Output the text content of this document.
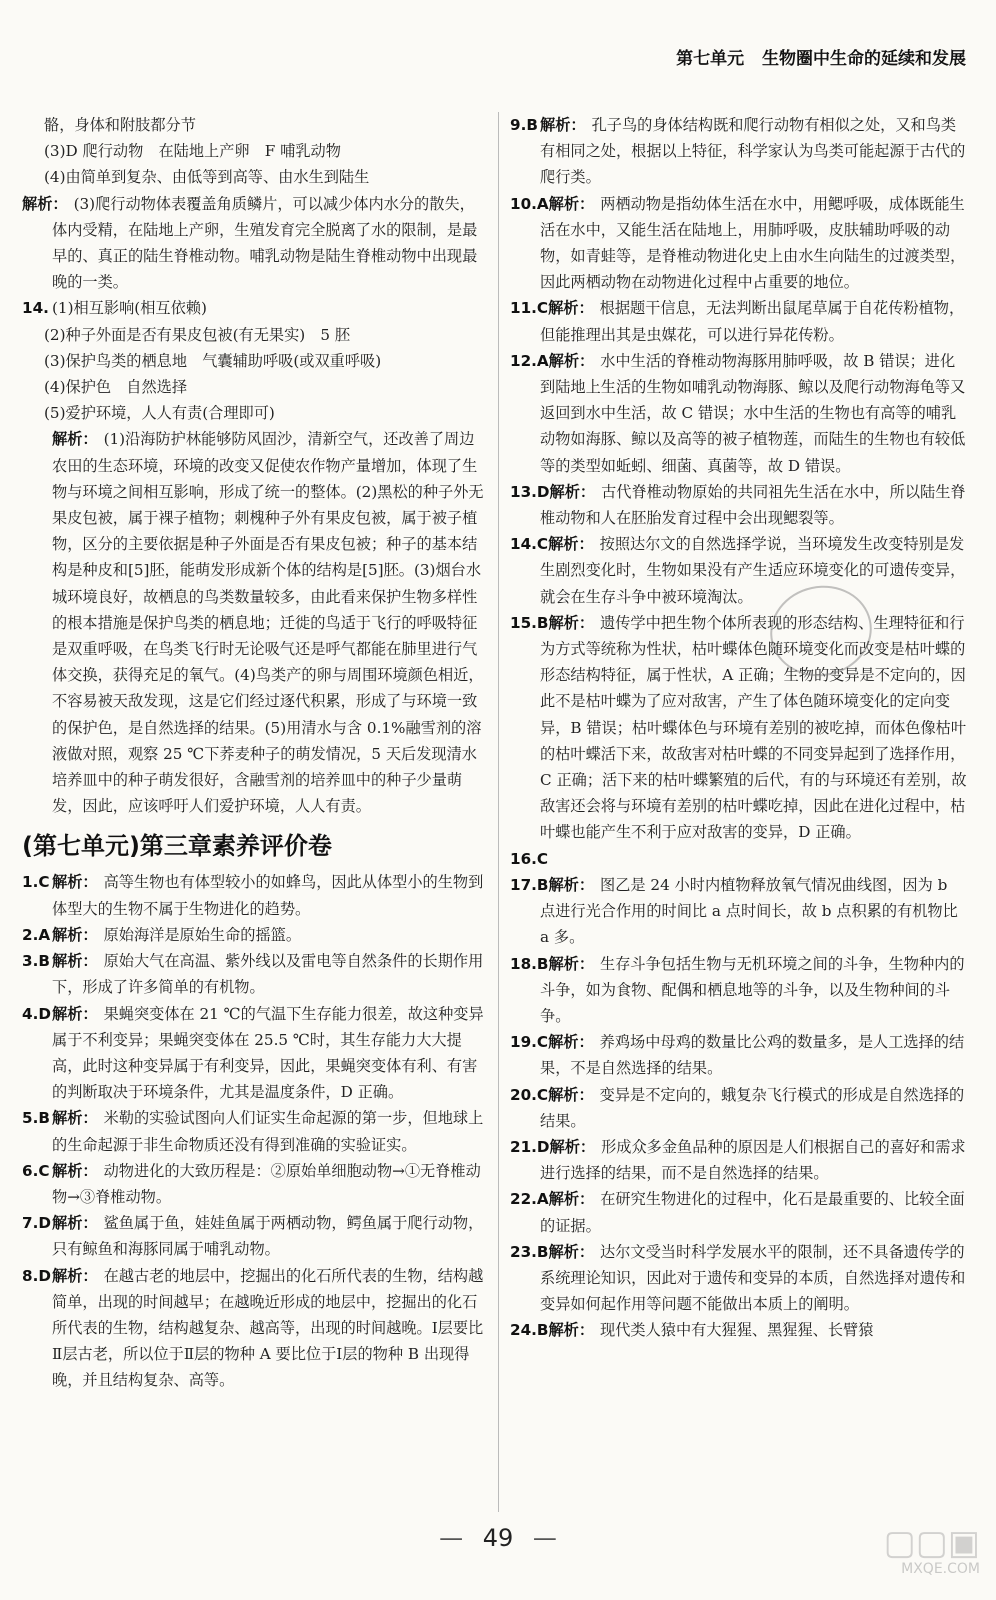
第七单元 生物圈中生命的延续和发展
骼，身体和附肢都分节
(3)D 爬行动物　在陆地上产卵　F 哺乳动物
(4)由简单到复杂、由低等到高等、由水生到陆生
解析： (3)爬行动物体表覆盖角质鳞片，可以减少体内水分的散失，体内受精，在陆地上产卵，生殖发育完全脱离了水的限制，是最早的、真正的陆生脊椎动物。哺乳动物是陆生脊椎动物中出现最晚的一类。
14. (1)相互影响(相互依赖)
(2)种子外面是否有果皮包被(有无果实)　5 胚
(3)保护鸟类的栖息地　气囊辅助呼吸(或双重呼吸)
(4)保护色　自然选择
(5)爱护环境，人人有责(合理即可)
解析： (1)沿海防护林能够防风固沙，清新空气，还改善了周边农田的生态环境，环境的改变又促使农作物产量增加，体现了生物与环境之间相互影响，形成了统一的整体。(2)黑松的种子外无果皮包被，属于裸子植物；刺槐种子外有果皮包被，属于被子植物，区分的主要依据是种子外面是否有果皮包被；种子的基本结构是种皮和[5]胚，能萌发形成新个体的结构是[5]胚。(3)烟台水城环境良好，故栖息的鸟类数量较多，由此看来保护生物多样性的根本措施是保护鸟类的栖息地；迁徙的鸟适于飞行的呼吸特征是双重呼吸，在鸟类飞行时无论吸气还是呼气都能在肺里进行气体交换，获得充足的氧气。(4)鸟类产的卵与周围环境颜色相近，不容易被天敌发现，这是它们经过逐代积累，形成了与环境一致的保护色，是自然选择的结果。(5)用清水与含 0.1%融雪剂的溶液做对照，观察 25 ℃下荞麦种子的萌发情况，5 天后发现清水培养皿中的种子萌发很好，含融雪剂的培养皿中的种子少量萌发，因此，应该呼吁人们爱护环境，人人有责。
(第七单元)第三章素养评价卷
1.C 解析： 高等生物也有体型较小的如蜂鸟，因此从体型小的生物到体型大的生物不属于生物进化的趋势。
2.A 解析： 原始海洋是原始生命的摇篮。
3.B 解析： 原始大气在高温、紫外线以及雷电等自然条件的长期作用下，形成了许多简单的有机物。
4.D解析： 果蝇突变体在 21 ℃的气温下生存能力很差，故这种变异属于不利变异；果蝇突变体在 25.5 ℃时，其生存能力大大提高，此时这种变异属于有利变异，因此，果蝇突变体有利、有害的判断取决于环境条件，尤其是温度条件，D 正确。
5.B 解析： 米勒的实验试图向人们证实生命起源的第一步，但地球上的生命起源于非生命物质还没有得到准确的实验证实。
6.C 解析： 动物进化的大致历程是：②原始单细胞动物→①无脊椎动物→③脊椎动物。
7.D解析： 鲨鱼属于鱼，娃娃鱼属于两栖动物，鳄鱼属于爬行动物，只有鲸鱼和海豚同属于哺乳动物。
8.D解析： 在越古老的地层中，挖掘出的化石所代表的生物，结构越简单，出现的时间越早；在越晚近形成的地层中，挖掘出的化石所代表的生物，结构越复杂、越高等，出现的时间越晚。Ⅰ层要比Ⅱ层古老，所以位于Ⅱ层的物种 A 要比位于Ⅰ层的物种 B 出现得晚，并且结构复杂、高等。
9.B 解析： 孔子鸟的身体结构既和爬行动物有相似之处，又和鸟类有相同之处，根据以上特征，科学家认为鸟类可能起源于古代的爬行类。
10.A解析： 两栖动物是指幼体生活在水中，用鳃呼吸，成体既能生活在水中，又能生活在陆地上，用肺呼吸，皮肤辅助呼吸的动物，如青蛙等，是脊椎动物进化史上由水生向陆生的过渡类型，因此两栖动物在动物进化过程中占重要的地位。
11.C解析： 根据题干信息，无法判断出鼠尾草属于自花传粉植物，但能推理出其是虫媒花，可以进行异花传粉。
12.A解析： 水中生活的脊椎动物海豚用肺呼吸，故 B 错误；进化到陆地上生活的生物如哺乳动物海豚、鲸以及爬行动物海龟等又返回到水中生活，故 C 错误；水中生活的生物也有高等的哺乳动物如海豚、鲸以及高等的被子植物莲，而陆生的生物也有较低等的类型如蚯蚓、细菌、真菌等，故 D 错误。
13.D解析： 古代脊椎动物原始的共同祖先生活在水中，所以陆生脊椎动物和人在胚胎发育过程中会出现鳃裂等。
14.C解析： 按照达尔文的自然选择学说，当环境发生改变特别是发生剧烈变化时，生物如果没有产生适应环境变化的可遗传变异，就会在生存斗争中被环境淘汰。
15.B解析： 遗传学中把生物个体所表现的形态结构、生理特征和行为方式等统称为性状，枯叶蝶体色随环境变化而改变是枯叶蝶的形态结构特征，属于性状，A 正确；生物的变异是不定向的，因此不是枯叶蝶为了应对敌害，产生了体色随环境变化的定向变异，B 错误；枯叶蝶体色与环境有差别的被吃掉，而体色像枯叶的枯叶蝶活下来，故敌害对枯叶蝶的不同变异起到了选择作用，C 正确；活下来的枯叶蝶繁殖的后代，有的与环境还有差别，故敌害还会将与环境有差别的枯叶蝶吃掉，因此在进化过程中，枯叶蝶也能产生不利于应对敌害的变异，D 正确。
16.C
17.B解析： 图乙是 24 小时内植物释放氧气情况曲线图，因为 b 点进行光合作用的时间比 a 点时间长，故 b 点积累的有机物比 a 多。
18.B解析： 生存斗争包括生物与无机环境之间的斗争，生物种内的斗争，如为食物、配偶和栖息地等的斗争，以及生物种间的斗争。
19.C解析： 养鸡场中母鸡的数量比公鸡的数量多，是人工选择的结果，不是自然选择的结果。
20.C解析： 变异是不定向的，蛾复杂飞行模式的形成是自然选择的结果。
21.D解析： 形成众多金鱼品种的原因是人们根据自己的喜好和需求进行选择的结果，而不是自然选择的结果。
22.A解析： 在研究生物进化的过程中，化石是最重要的、比较全面的证据。
23.B解析： 达尔文受当时科学发展水平的限制，还不具备遗传学的系统理论知识，因此对于遗传和变异的本质，自然选择对遗传和变异如何起作用等问题不能做出本质上的阐明。
24.B解析： 现代类人猿中有大猩猩、黑猩猩、长臂猿
— 49 —	▢▢▣
MXQE.COM
